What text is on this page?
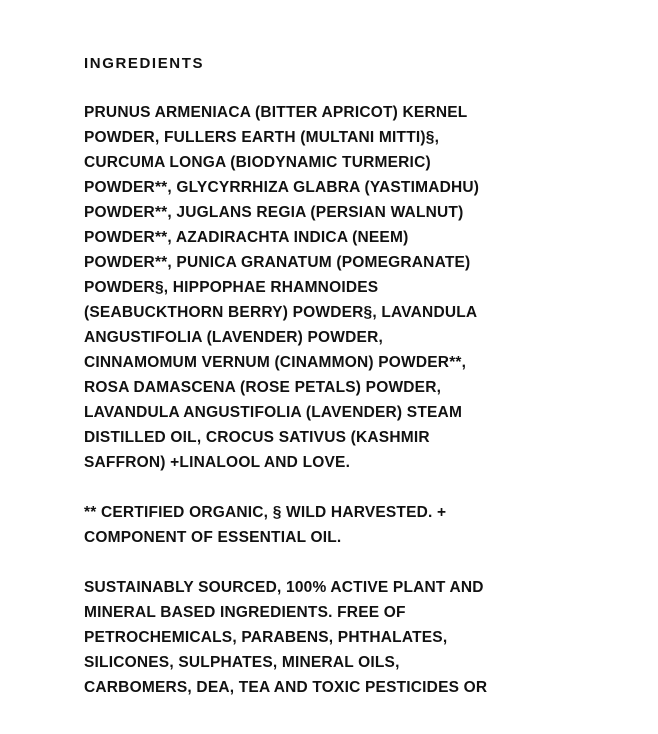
INGREDIENTS
PRUNUS ARMENIACA (BITTER APRICOT) KERNEL
POWDER, FULLERS EARTH (MULTANI MITTI)§,
CURCUMA LONGA (BIODYNAMIC TURMERIC)
POWDER**, GLYCYRRHIZA GLABRA (YASTIMADHU)
POWDER**, JUGLANS REGIA (PERSIAN WALNUT)
POWDER**, AZADIRACHTA INDICA (NEEM)
POWDER**, PUNICA GRANATUM (POMEGRANATE)
POWDER§, HIPPOPHAE RHAMNOIDES
(SEABUCKTHORN BERRY) POWDER§, LAVANDULA
ANGUSTIFOLIA (LAVENDER) POWDER,
CINNAMOMUM VERNUM (CINAMMON) POWDER**,
ROSA DAMASCENA (ROSE PETALS) POWDER,
LAVANDULA ANGUSTIFOLIA (LAVENDER) STEAM
DISTILLED OIL, CROCUS SATIVUS (KASHMIR
SAFFRON) +LINALOOL AND LOVE.
** CERTIFIED ORGANIC, § WILD HARVESTED. +
COMPONENT OF ESSENTIAL OIL.
SUSTAINABLY SOURCED, 100% ACTIVE PLANT AND
MINERAL BASED INGREDIENTS. FREE OF
PETROCHEMICALS, PARABENS, PHTHALATES,
SILICONES, SULPHATES, MINERAL OILS,
CARBOMERS, DEA, TEA AND TOXIC PESTICIDES OR
